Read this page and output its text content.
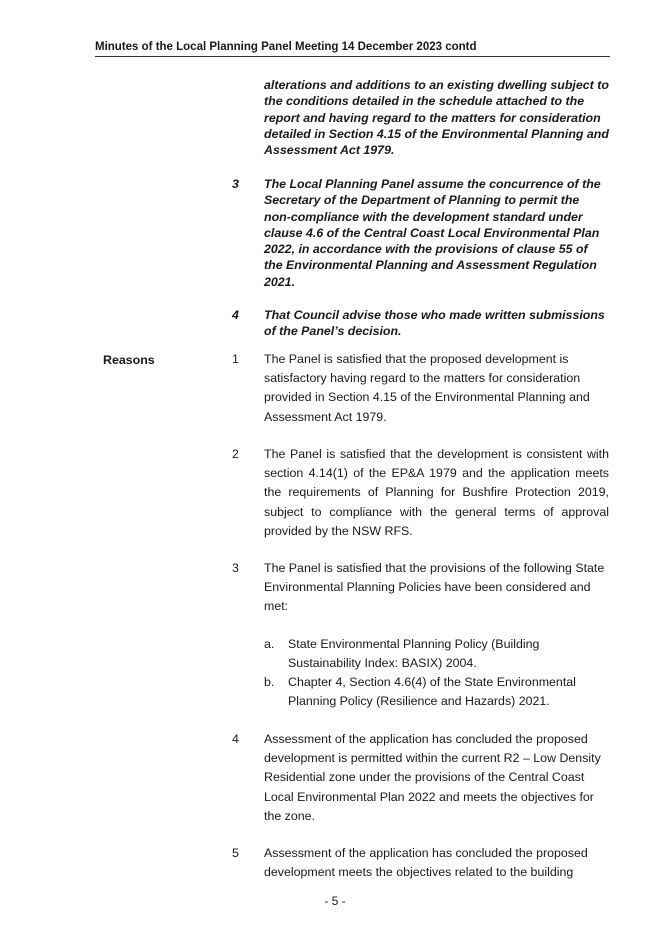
Minutes of the Local Planning Panel Meeting 14 December 2023 contd
alterations and additions to an existing dwelling subject to the conditions detailed in the schedule attached to the report and having regard to the matters for consideration detailed in Section 4.15 of the Environmental Planning and Assessment Act 1979.
3 The Local Planning Panel assume the concurrence of the Secretary of the Department of Planning to permit the non-compliance with the development standard under clause 4.6 of the Central Coast Local Environmental Plan 2022, in accordance with the provisions of clause 55 of the Environmental Planning and Assessment Regulation 2021.
4 That Council advise those who made written submissions of the Panel’s decision.
Reasons	1 The Panel is satisfied that the proposed development is satisfactory having regard to the matters for consideration provided in Section 4.15 of the Environmental Planning and Assessment Act 1979.
2 The Panel is satisfied that the development is consistent with section 4.14(1) of the EP&A 1979 and the application meets the requirements of Planning for Bushfire Protection 2019, subject to compliance with the general terms of approval provided by the NSW RFS.
3 The Panel is satisfied that the provisions of the following State Environmental Planning Policies have been considered and met:
a. State Environmental Planning Policy (Building Sustainability Index: BASIX) 2004.
b. Chapter 4, Section 4.6(4) of the State Environmental Planning Policy (Resilience and Hazards) 2021.
4 Assessment of the application has concluded the proposed development is permitted within the current R2 – Low Density Residential zone under the provisions of the Central Coast Local Environmental Plan 2022 and meets the objectives for the zone.
5 Assessment of the application has concluded the proposed development meets the objectives related to the building
- 5 -
